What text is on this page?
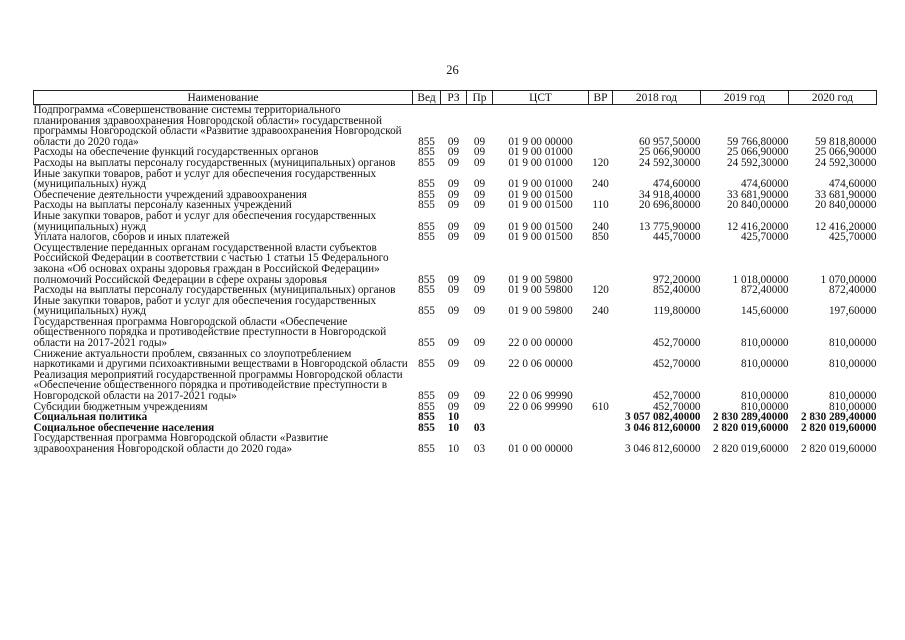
26
Наименование	Вед	РЗ	Пр	ЦСТ	ВР	2018 год	2019 год	2020 год
Подпрограмма «Совершенствование системы территориального планирования здравоохранения Новгородской области» государственной программы Новгородской области «Развитие здравоохранения Новгородской области до 2020 года»	855	09	09	01 9 00 00000		60 957,50000	59 766,80000	59 818,80000
Расходы на обеспечение функций государственных органов	855	09	09	01 9 00 01000		25 066,90000	25 066,90000	25 066,90000
Расходы на выплаты персоналу государственных (муниципальных) органов	855	09	09	01 9 00 01000	120	24 592,30000	24 592,30000	24 592,30000
Иные закупки товаров, работ и услуг для обеспечения государственных (муниципальных) нужд	855	09	09	01 9 00 01000	240	474,60000	474,60000	474,60000
Обеспечение деятельности учреждений здравоохранения	855	09	09	01 9 00 01500		34 918,40000	33 681,90000	33 681,90000
Расходы на выплаты персоналу казенных учреждений	855	09	09	01 9 00 01500	110	20 696,80000	20 840,00000	20 840,00000
Иные закупки товаров, работ и услуг для обеспечения государственных (муниципальных) нужд	855	09	09	01 9 00 01500	240	13 775,90000	12 416,20000	12 416,20000
Уплата налогов, сборов и иных платежей	855	09	09	01 9 00 01500	850	445,70000	425,70000	425,70000
Осуществление переданных органам государственной власти субъектов Российской Федерации в соответствии с частью 1 статьи 15 Федерального закона «Об основах охраны здоровья граждан в Российской Федерации» полномочий Российской Федерации в сфере охраны здоровья	855	09	09	01 9 00 59800		972,20000	1 018,00000	1 070,00000
Расходы на выплаты персоналу государственных (муниципальных) органов	855	09	09	01 9 00 59800	120	852,40000	872,40000	872,40000
Иные закупки товаров, работ и услуг для обеспечения государственных (муниципальных) нужд	855	09	09	01 9 00 59800	240	119,80000	145,60000	197,60000
Государственная программа Новгородской области «Обеспечение общественного порядка и противодействие преступности в Новгородской области на 2017-2021 годы»	855	09	09	22 0 00 00000		452,70000	810,00000	810,00000
Снижение актуальности проблем, связанных со злоупотреблением наркотиками и другими психоактивными веществами в Новгородской области	855	09	09	22 0 06 00000		452,70000	810,00000	810,00000
Реализация мероприятий государственной программы Новгородской области «Обеспечение общественного порядка и противодействие преступности в Новгородской области на 2017-2021 годы»	855	09	09	22 0 06 99990		452,70000	810,00000	810,00000
Субсидии бюджетным учреждениям	855	09	09	22 0 06 99990	610	452,70000	810,00000	810,00000
Социальная политика	855	10				3 057 082,40000	2 830 289,40000	2 830 289,40000
Социальное обеспечение населения	855	10	03			3 046 812,60000	2 820 019,60000	2 820 019,60000
Государственная программа Новгородской области «Развитие здравоохранения Новгородской области до 2020 года»	855	10	03	01 0 00 00000		3 046 812,60000	2 820 019,60000	2 820 019,60000
